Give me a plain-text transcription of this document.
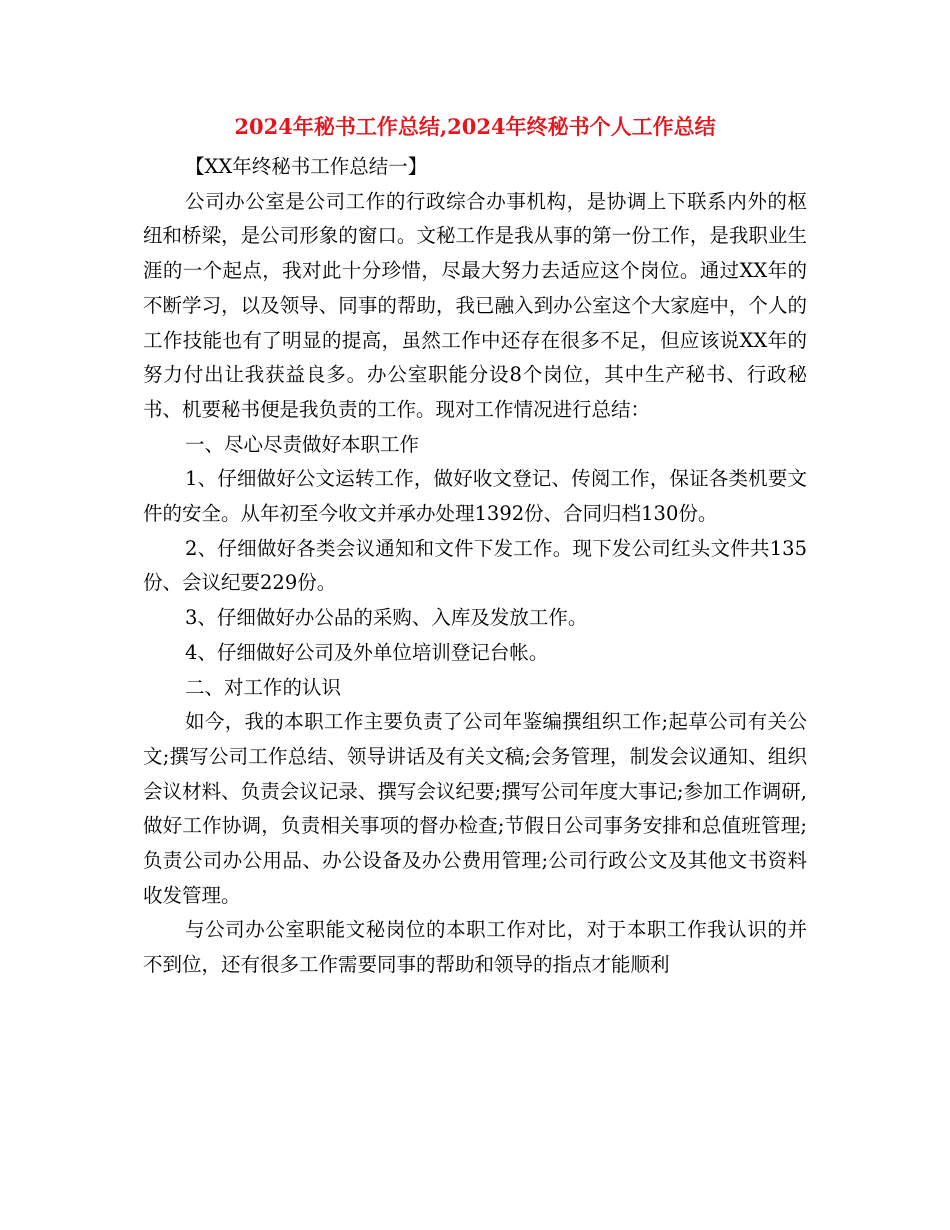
2024年秘书工作总结,2024年终秘书个人工作总结

【XX年终秘书工作总结一】

公司办公室是公司工作的行政综合办事机构，是协调上下联系内外的枢纽和桥梁，是公司形象的窗口。文秘工作是我从事的第一份工作，是我职业生涯的一个起点，我对此十分珍惜，尽最大努力去适应这个岗位。通过XX年的不断学习，以及领导、同事的帮助，我已融入到办公室这个大家庭中，个人的工作技能也有了明显的提高，虽然工作中还存在很多不足，但应该说XX年的努力付出让我获益良多。办公室职能分设8个岗位，其中生产秘书、行政秘书、机要秘书便是我负责的工作。现对工作情况进行总结：

一、尽心尽责做好本职工作

1、仔细做好公文运转工作，做好收文登记、传阅工作，保证各类机要文件的安全。从年初至今收文并承办处理1392份、合同归档130份。

2、仔细做好各类会议通知和文件下发工作。现下发公司红头文件共135份、会议纪要229份。

3、仔细做好办公品的采购、入库及发放工作。

4、仔细做好公司及外单位培训登记台帐。

二、对工作的认识

如今，我的本职工作主要负责了公司年鉴编撰组织工作;起草公司有关公文;撰写公司工作总结、领导讲话及有关文稿;会务管理，制发会议通知、组织会议材料、负责会议记录、撰写会议纪要;撰写公司年度大事记;参加工作调研,做好工作协调，负责相关事项的督办检查;节假日公司事务安排和总值班管理;负责公司办公用品、办公设备及办公费用管理;公司行政公文及其他文书资料收发管理。

与公司办公室职能文秘岗位的本职工作对比，对于本职工作我认识的并不到位，还有很多工作需要同事的帮助和领导的指点才能顺利
